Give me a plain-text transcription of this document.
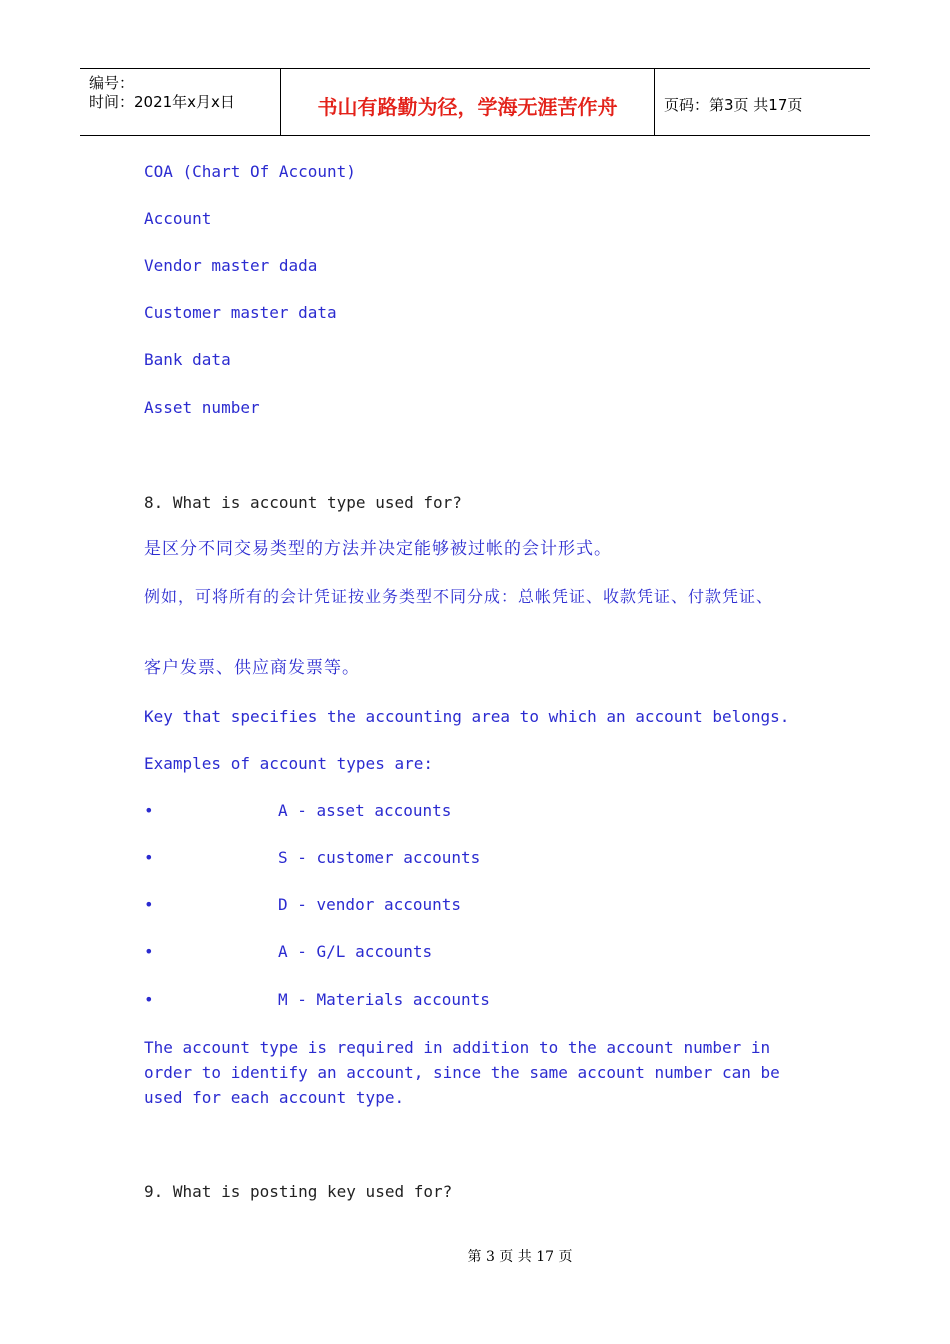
编号：
时间：2021年x月x日	书山有路勤为径，学海无涯苦作舟	页码：第3页 共17页
COA (Chart Of Account)
Account
Vendor master dada
Customer master data
Bank data
Asset number
8. What is account type used for?
是区分不同交易类型的方法并决定能够被过帐的会计形式。
例如，可将所有的会计凭证按业务类型不同分成：总帐凭证、收款凭证、付款凭证、
客户发票、供应商发票等。
Key that specifies the accounting area to which an account belongs.
Examples of account types are:
•	A - asset accounts
•	S - customer accounts
•	D - vendor accounts
•	A - G/L accounts
•	M - Materials accounts
The account type is required in addition to the account number in order to identify an account, since the same account number can be used for each account type.
9. What is posting key used for?
第 3 页 共 17 页
